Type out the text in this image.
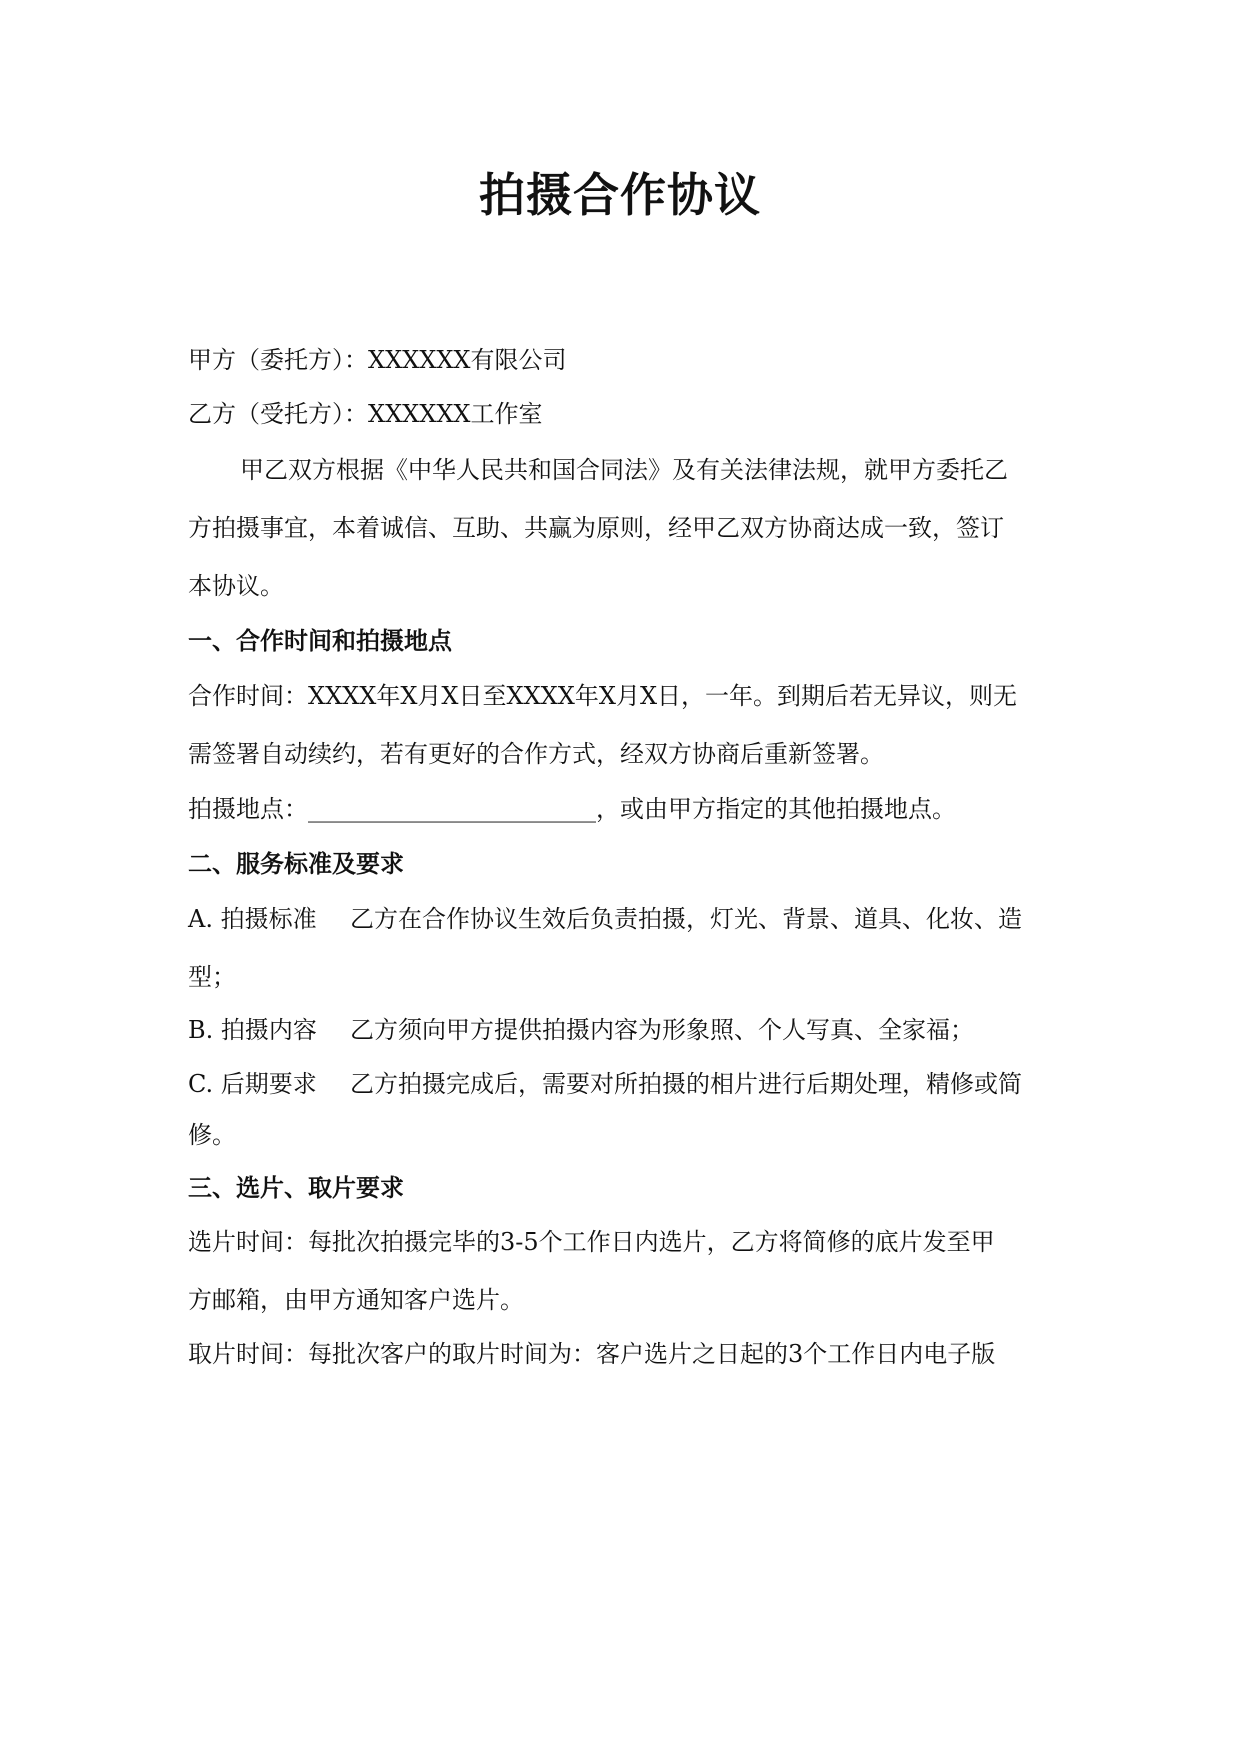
拍摄合作协议
甲方（委托方）：XXXXXX有限公司
乙方（受托方）：XXXXXX工作室
甲乙双方根据《中华人民共和国合同法》及有关法律法规，就甲方委托乙
方拍摄事宜，本着诚信、互助、共赢为原则，经甲乙双方协商达成一致，签订
本协议。
一、合作时间和拍摄地点
合作时间：XXXX年X月X日至XXXX年X月X日，一年。到期后若无异议，则无
需签署自动续约，若有更好的合作方式，经双方协商后重新签署。
拍摄地点：________________________，或由甲方指定的其他拍摄地点。
二、服务标准及要求
A. 拍摄标准 乙方在合作协议生效后负责拍摄，灯光、背景、道具、化妆、造
型；
B. 拍摄内容 乙方须向甲方提供拍摄内容为形象照、个人写真、全家福；
C. 后期要求 乙方拍摄完成后，需要对所拍摄的相片进行后期处理，精修或简
修。
三、选片、取片要求
选片时间：每批次拍摄完毕的3-5个工作日内选片，乙方将简修的底片发至甲
方邮箱，由甲方通知客户选片。
取片时间：每批次客户的取片时间为：客户选片之日起的3个工作日内电子版
